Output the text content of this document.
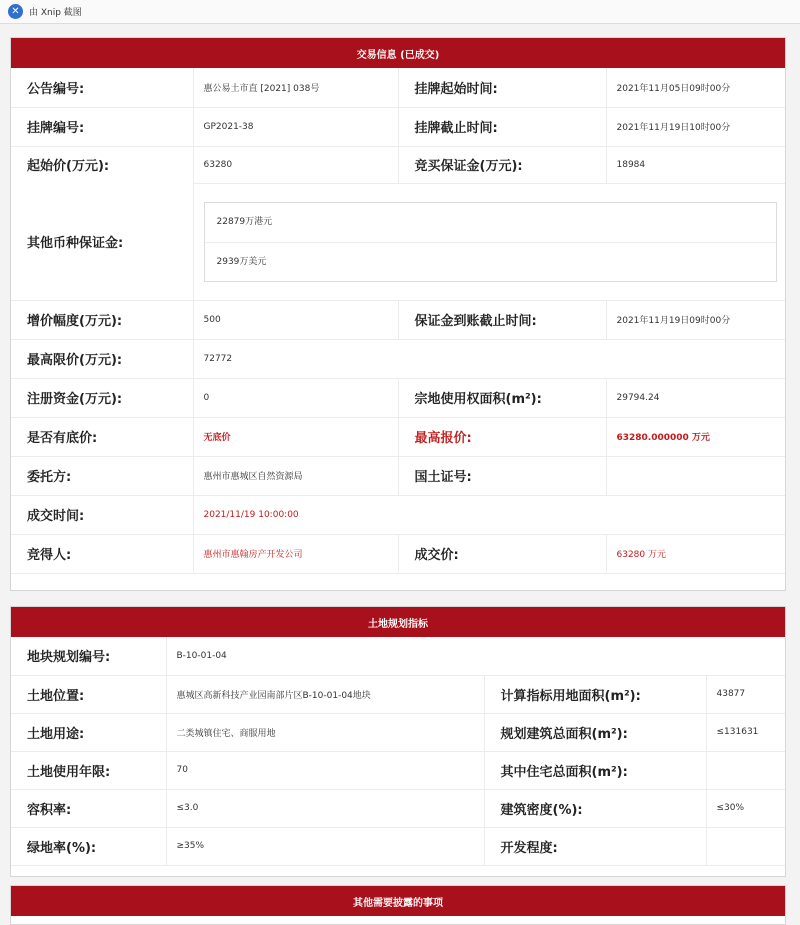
✕	由 Xnip 截图
交易信息 (已成交)
公告编号:	惠公易土市直 [2021] 038号	挂牌起始时间:	2021年11月05日09时00分
挂牌编号:	GP2021-38	挂牌截止时间:	2021年11月19日10时00分
起始价(万元):	63280	竞买保证金(万元):	18984
其他币种保证金:	22879万港元
2939万美元		

增价幅度(万元):	500	保证金到账截止时间:	2021年11月19日09时00分
最高限价(万元):	72772		
注册资金(万元):	0	宗地使用权面积(m²):	29794.24
是否有底价:	无底价	最高报价:	63280.000000 万元
委托方:	惠州市惠城区自然资源局	国土证号:	
成交时间:	2021/11/19 10:00:00		
竞得人:	惠州市惠翰房产开发公司	成交价:	63280 万元
土地规划指标
地块规划编号:	B-10-01-04		
土地位置:	惠城区高新科技产业园南部片区B-10-01-04地块	计算指标用地面积(m²):	43877
土地用途:	二类城镇住宅、商服用地	规划建筑总面积(m²):	≤131631
土地使用年限:	70	其中住宅总面积(m²):	
容积率:	≤3.0	建筑密度(%):	≤30%
绿地率(%):	≥35%	开发程度:	
其他需要披露的事项
